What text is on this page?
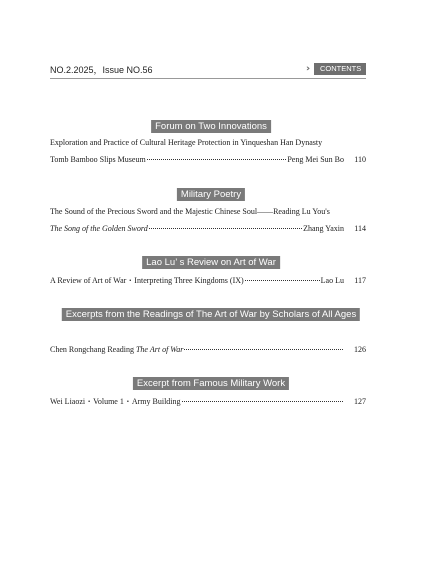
NO.2.2025，Issue NO.56	››	CONTENTS
Forum on Two Innovations
Exploration and Practice of Cultural Heritage Protection in Yinqueshan Han Dynasty
Tomb Bamboo Slips Museum	Peng Mei Sun Bo	110
Military Poetry
The Sound of the Precious Sword and the Majestic Chinese Soul——Reading Lu You's
The Song of the Golden Sword	Zhang Yaxin	114
Lao Lu’ s Review on Art of War
A Review of Art of War・Interpreting Three Kingdoms (IX)	Lao Lu	117
Excerpts from the Readings of The Art of War by Scholars of All Ages
Chen Rongchang Reading The Art of War	126
Excerpt from Famous Military Work
Wei Liaozi・Volume 1・Army Building	127
